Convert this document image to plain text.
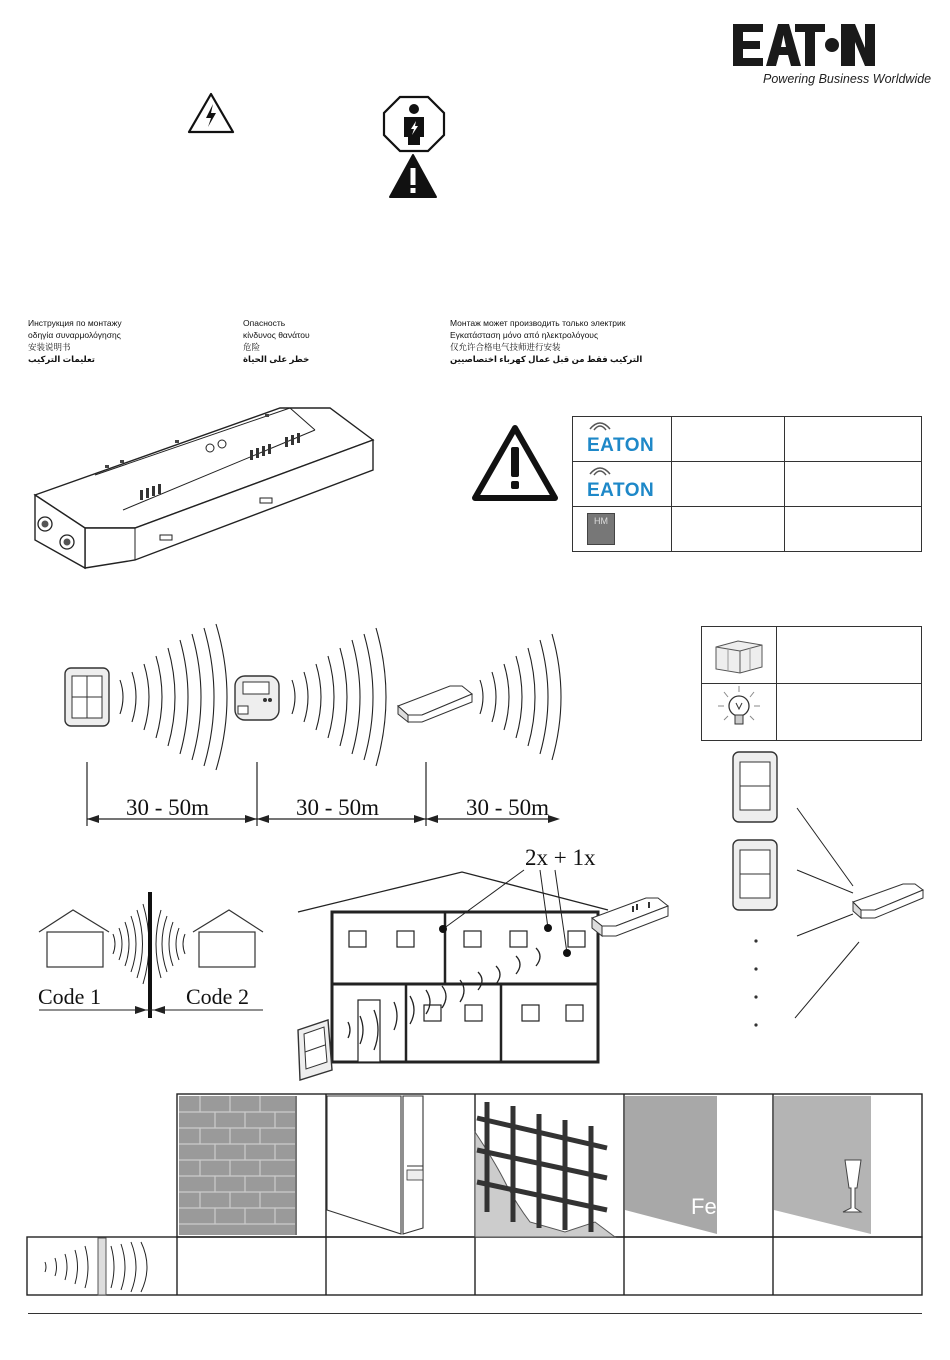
Powering Business Worldwide
Инструкция по монтажу
οδηγία συναρμολόγησης
安装说明书
تعليمات التركيب
Опасность
κίνδυνος θανάτου
危险
خطر على الحياة
Монтаж может производить только электрик
Εγκατάσταση μόνο από ηλεκτρολόγους
仅允许合格电气技师进行安装
التركيب فقط من قبل عمال كهرباء اختصاصيين
EATON		

EATON		

HM		

30 - 50m	30 - 50m	30 - 50m
Code 1	Code 2
2x + 1x
Fe
